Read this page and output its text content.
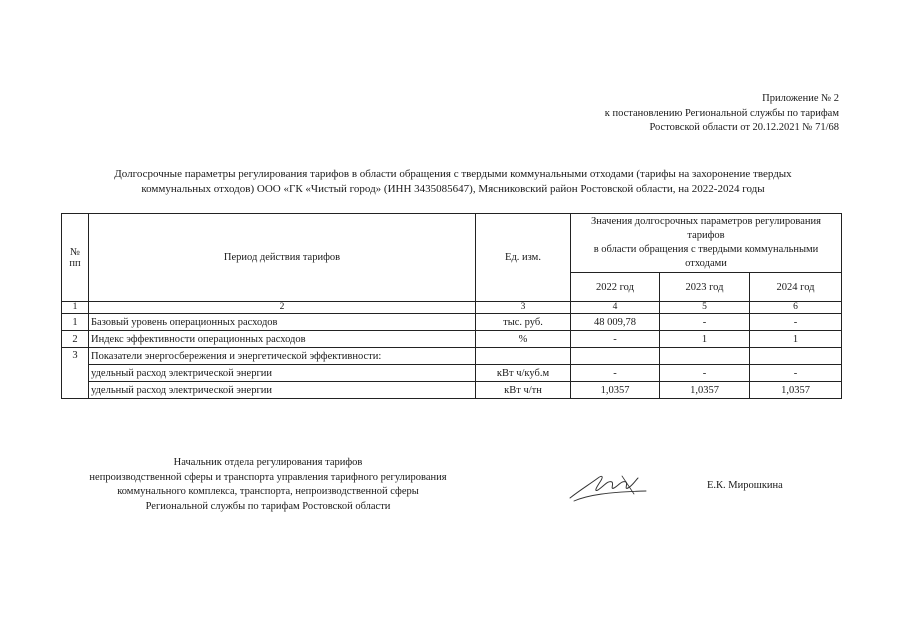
Приложение № 2
к постановлению Региональной службы по тарифам
Ростовской области от 20.12.2021 № 71/68
Долгосрочные параметры регулирования тарифов в области обращения с твердыми коммунальными отходами (тарифы на захоронение твердых
коммунальных отходов) ООО «ГК «Чистый город» (ИНН 3435085647), Мясниковский район Ростовской области, на 2022-2024 годы
№
пп	Период действия тарифов	Ед. изм.	Значения долгосрочных параметров регулирования тарифов
в области обращения с твердыми коммунальными отходами		
			2022 год	2023 год	2024 год
1	2	3	4	5	6
1	Базовый уровень операционных расходов	тыс. руб.	48 009,78	-	-
2	Индекс эффективности операционных расходов	%	-	1	1
3	Показатели энергосбережения и энергетической эффективности:				
	удельный расход электрической энергии	кВт ч/куб.м	-	-	-
	удельный расход электрической энергии	кВт ч/тн	1,0357	1,0357	1,0357
Начальник отдела регулирования тарифов
непроизводственной сферы и транспорта управления тарифного регулирования
коммунального комплекса, транспорта, непроизводственной сферы
Региональной службы по тарифам Ростовской области
Е.К. Мирошкина
